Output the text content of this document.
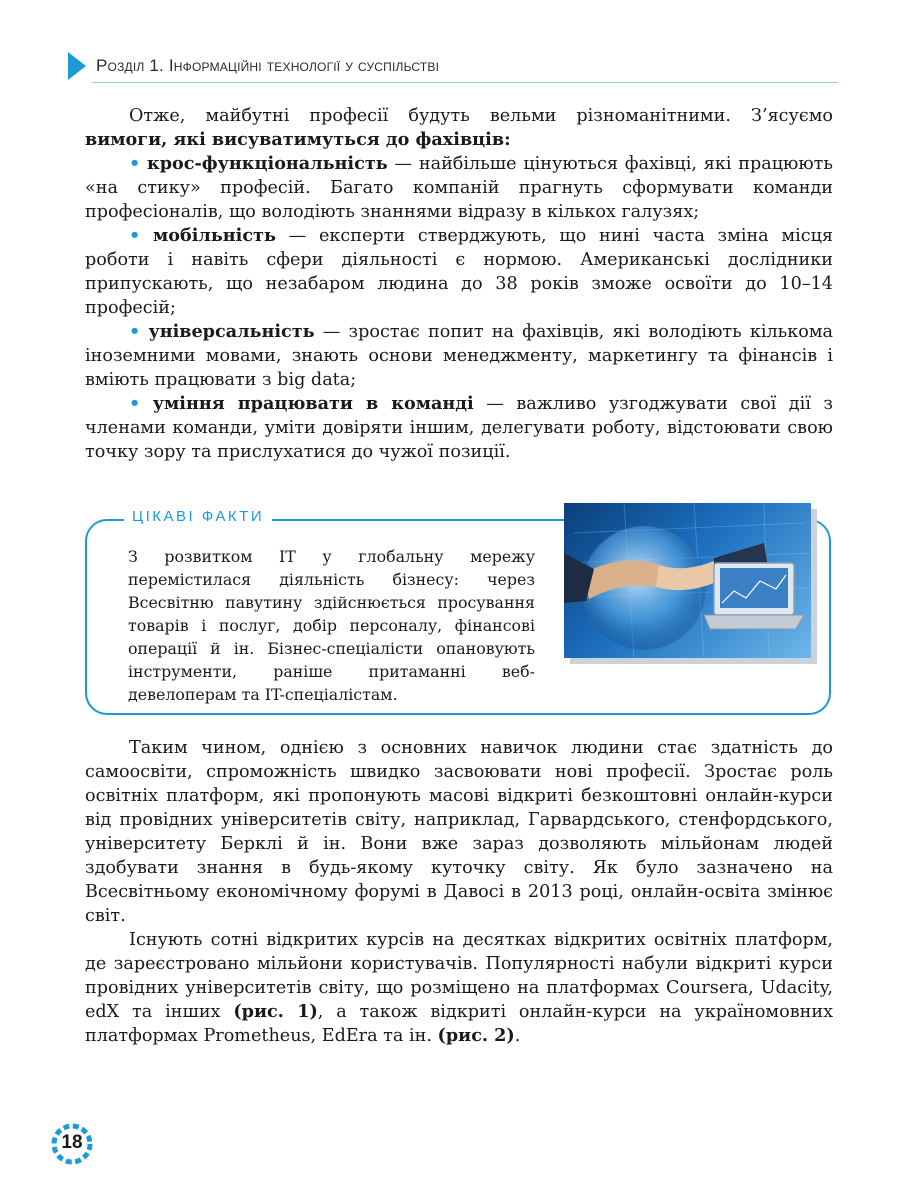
Розділ 1. Інформаційні технології у суспільстві

Отже, майбутні професії будуть вельми різноманітними. З’ясуємо вимоги, які висуватимуться до фахівців:

• крос-функціональність — найбільше цінуються фахівці, які працюють «на стику» професій. Багато компаній прагнуть сформувати команди професіоналів, що володіють знаннями відразу в кількох галузях;

• мобільність — експерти стверджують, що нині часта зміна місця роботи і навіть сфери діяльності є нормою. Американські дослідники припускають, що незабаром людина до 38 років зможе освоїти до 10–14 професій;

• універсальність — зростає попит на фахівців, які володіють кількома іноземними мовами, знають основи менеджменту, маркетингу та фінансів і вміють працювати з big data;

• уміння працювати в команді — важливо узгоджувати свої дії з членами команди, уміти довіряти іншим, делегувати роботу, відстоювати свою точку зору та прислухатися до чужої позиції.

ЦІКАВІ ФАКТИ
З розвитком IT у глобальну мережу перемістилася діяльність бізнесу: через Всесвітню павутину здійснюється просування товарів і послуг, добір персоналу, фінансові операції й ін. Бізнес-спеціалісти опановують інструменти, раніше притаманні веб-девелоперам та IT-спеціалістам.

Таким чином, однією з основних навичок людини стає здатність до самоосвіти, спроможність швидко засвоювати нові професії. Зростає роль освітніх платформ, які пропонують масові відкриті безкоштовні онлайн-курси від провідних університетів світу, наприклад, Гарвардського, стенфордського, університету Берклі й ін. Вони вже зараз дозволяють мільйонам людей здобувати знання в будь-якому куточку світу. Як було зазначено на Всесвітньому економічному форумі в Давосі в 2013 році, онлайн-освіта змінює світ.

Існують сотні відкритих курсів на десятках відкритих освітніх платформ, де зареєстровано мільйони користувачів. Популярності набули відкриті курси провідних університетів світу, що розміщено на платформах Coursera, Udacity, edX та інших (рис. 1), а також відкриті онлайн-курси на україномовних платформах Prometheus, EdEra та ін. (рис. 2).

18
